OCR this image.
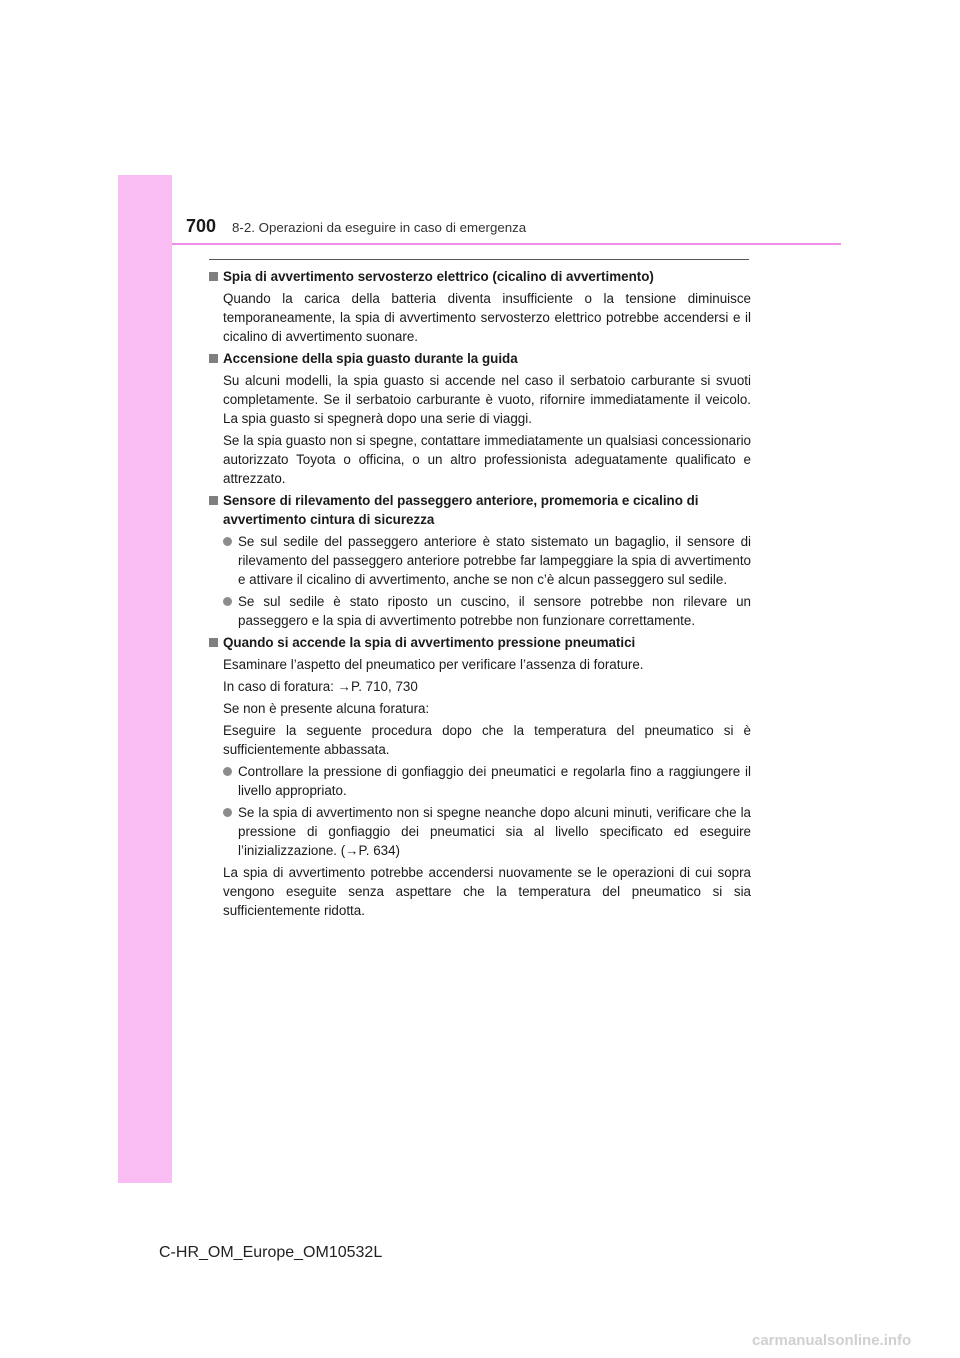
700 8-2. Operazioni da eseguire in caso di emergenza
Spia di avvertimento servosterzo elettrico (cicalino di avvertimento)
Quando la carica della batteria diventa insufficiente o la tensione diminuisce temporaneamente, la spia di avvertimento servosterzo elettrico potrebbe accendersi e il cicalino di avvertimento suonare.
Accensione della spia guasto durante la guida
Su alcuni modelli, la spia guasto si accende nel caso il serbatoio carburante si svuoti completamente. Se il serbatoio carburante è vuoto, rifornire immediatamente il veicolo. La spia guasto si spegnerà dopo una serie di viaggi.
Se la spia guasto non si spegne, contattare immediatamente un qualsiasi concessionario autorizzato Toyota o officina, o un altro professionista adeguatamente qualificato e attrezzato.
Sensore di rilevamento del passeggero anteriore, promemoria e cicalino di avvertimento cintura di sicurezza
Se sul sedile del passeggero anteriore è stato sistemato un bagaglio, il sensore di rilevamento del passeggero anteriore potrebbe far lampeggiare la spia di avvertimento e attivare il cicalino di avvertimento, anche se non c’è alcun passeggero sul sedile.
Se sul sedile è stato riposto un cuscino, il sensore potrebbe non rilevare un passeggero e la spia di avvertimento potrebbe non funzionare correttamente.
Quando si accende la spia di avvertimento pressione pneumatici
Esaminare l’aspetto del pneumatico per verificare l’assenza di forature.
In caso di foratura: →P. 710, 730
Se non è presente alcuna foratura:
Eseguire la seguente procedura dopo che la temperatura del pneumatico si è sufficientemente abbassata.
Controllare la pressione di gonfiaggio dei pneumatici e regolarla fino a raggiungere il livello appropriato.
Se la spia di avvertimento non si spegne neanche dopo alcuni minuti, verificare che la pressione di gonfiaggio dei pneumatici sia al livello specificato ed eseguire l’inizializzazione. (→P. 634)
La spia di avvertimento potrebbe accendersi nuovamente se le operazioni di cui sopra vengono eseguite senza aspettare che la temperatura del pneumatico si sia sufficientemente ridotta.
C-HR_OM_Europe_OM10532L
carmanualsonline.info
